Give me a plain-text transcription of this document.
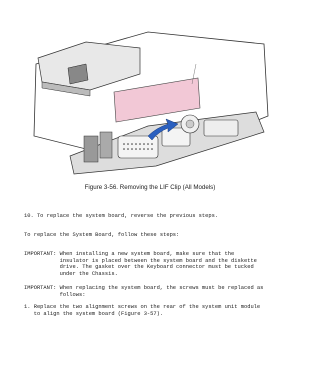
Figure 3-56. Removing the LIF Clip (All Models)
10. To replace the system board, reverse the previous steps.
To replace the System Board, follow these steps:
IMPORTANT: When installing a new system board, make sure that the
insulator is placed between the system board and the diskette
drive. The gasket over the Keyboard connector must be tucked
under the Chassis.
IMPORTANT: When replacing the system board, the screws must be replaced as
follows:
1. Replace the two alignment screws on the rear of the system unit module
to align the system board (Figure 3-57).
